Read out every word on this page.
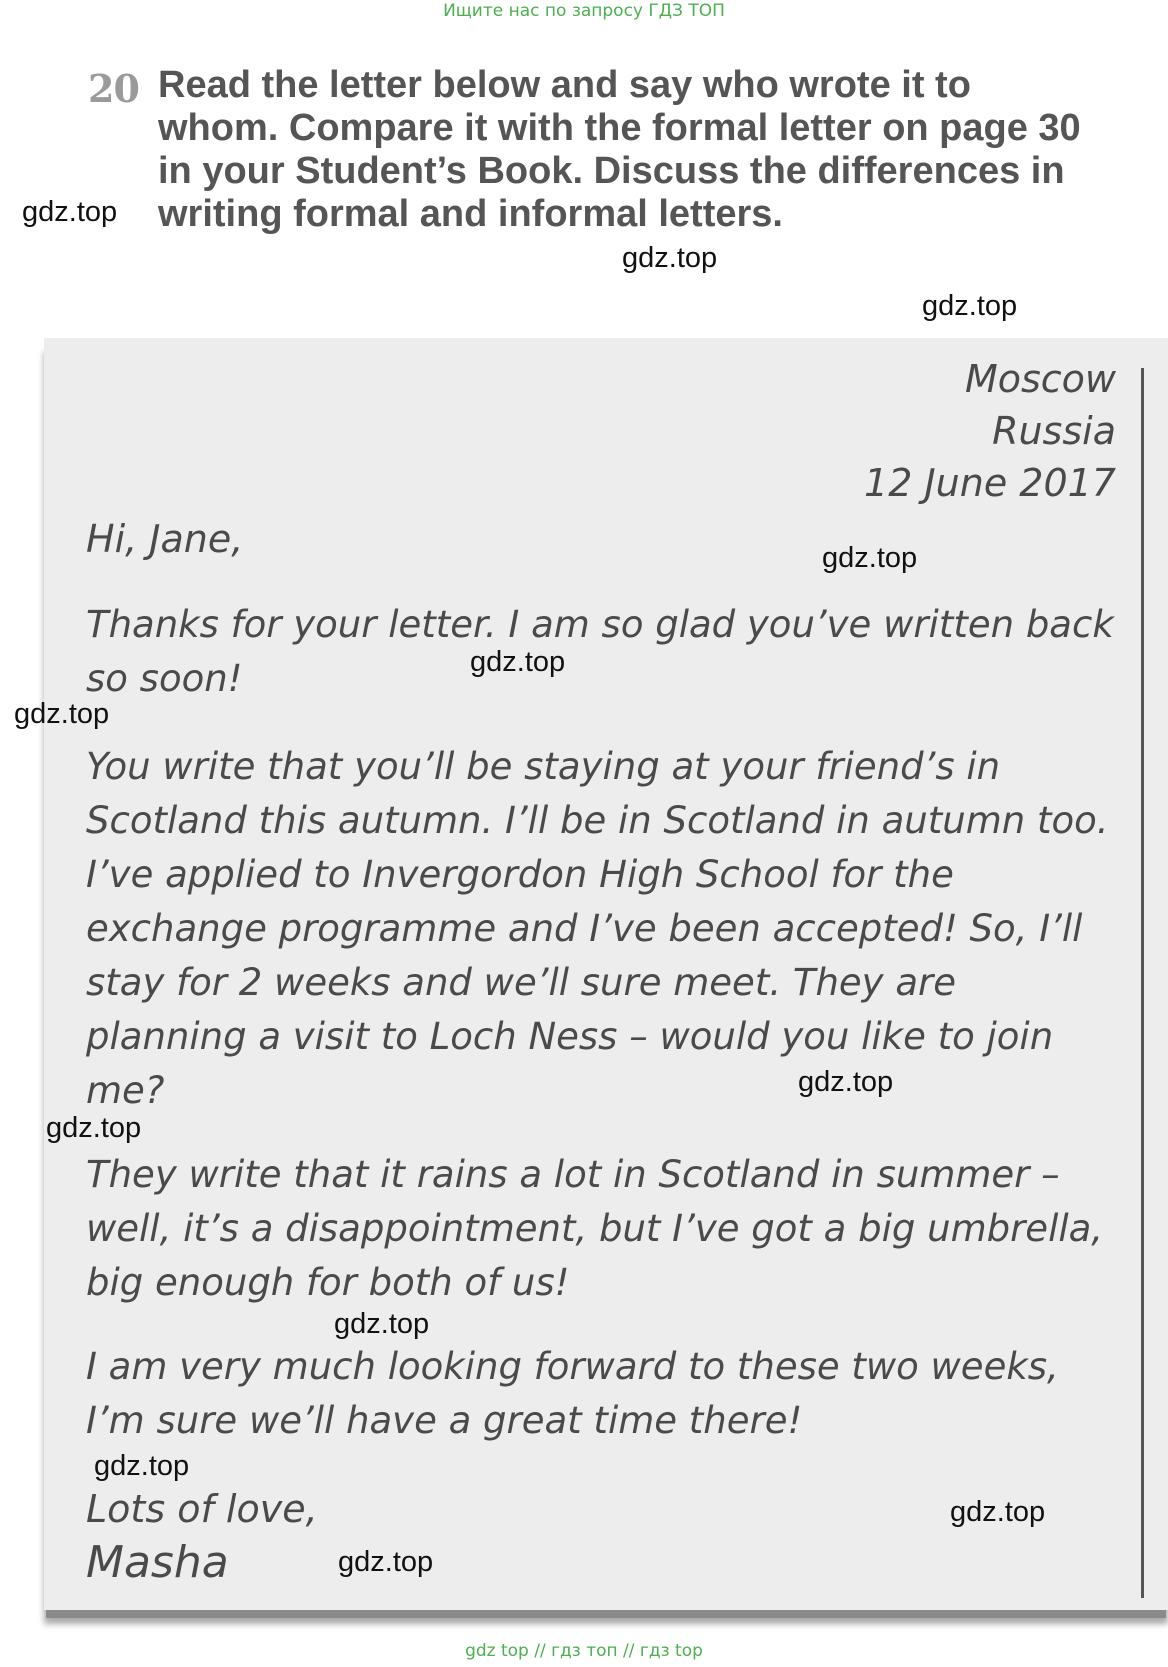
Ищите нас по запросу ГДЗ ТОП
20 Read the letter below and say who wrote it to whom. Compare it with the formal letter on page 30 in your Student’s Book. Discuss the differences in writing formal and informal letters.
Moscow
Russia
12 June 2017
Hi, Jane,
Thanks for your letter. I am so glad you’ve written back so soon!
You write that you’ll be staying at your friend’s in Scotland this autumn. I’ll be in Scotland in autumn too. I’ve applied to Invergordon High School for the exchange programme and I’ve been accepted! So, I’ll stay for 2 weeks and we’ll sure meet. They are planning a visit to Loch Ness – would you like to join me?
They write that it rains a lot in Scotland in summer – well, it’s a disappointment, but I’ve got a big umbrella, big enough for both of us!
I am very much looking forward to these two weeks, I’m sure we’ll have a great time there!
Lots of love,
Masha
gdz.top
gdz.top
gdz.top
gdz.top
gdz.top
gdz.top
gdz.top
gdz.top
gdz.top
gdz.top
gdz.top
gdz.top
gdz top // гдз топ // гдз top
